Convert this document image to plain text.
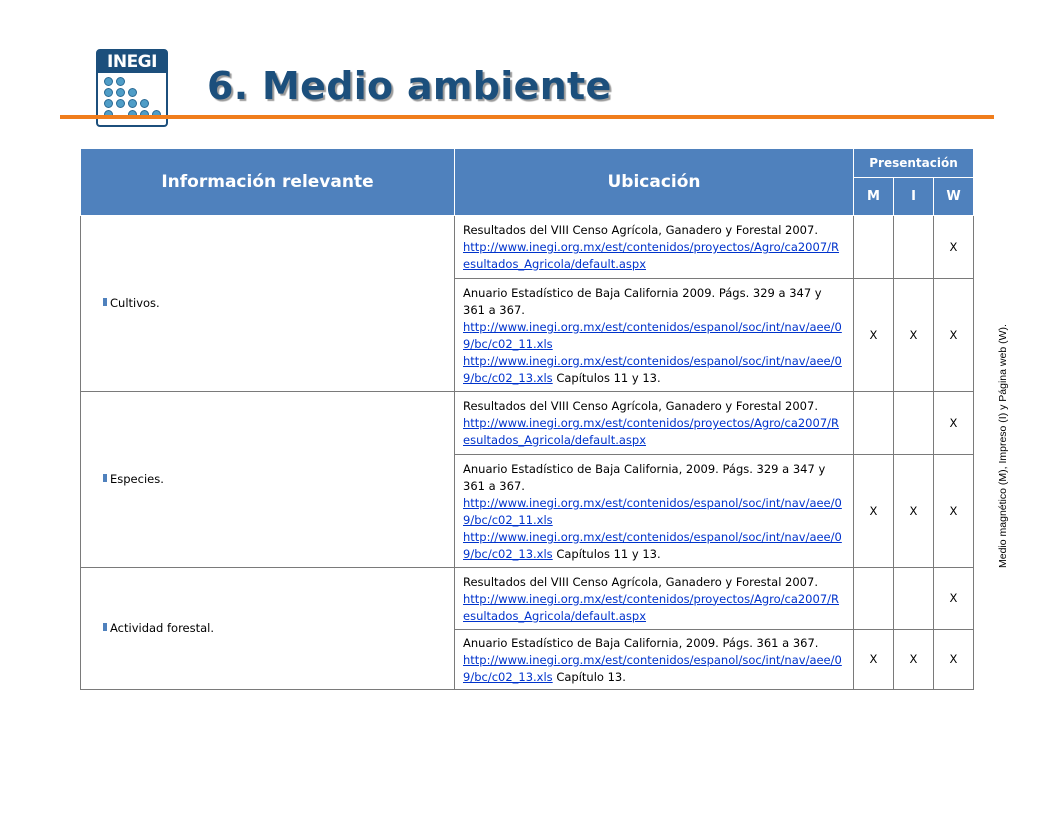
INEGI
6. Medio ambiente
Información relevante	Ubicación	Presentación		
		M	I	W
Cultivos.	Resultados del VIII Censo Agrícola, Ganadero y Forestal 2007.
http://www.inegi.org.mx/est/contenidos/proyectos/Agro/ca2007/Resultados_Agricola/default.aspx			X
	Anuario Estadístico de Baja California 2009. Págs. 329 a 347 y 361 a 367.
http://www.inegi.org.mx/est/contenidos/espanol/soc/int/nav/aee/09/bc/c02_11.xls
http://www.inegi.org.mx/est/contenidos/espanol/soc/int/nav/aee/09/bc/c02_13.xls Capítulos 11 y 13.	X	X	X
Especies.	Resultados del VIII Censo Agrícola, Ganadero y Forestal 2007.
http://www.inegi.org.mx/est/contenidos/proyectos/Agro/ca2007/Resultados_Agricola/default.aspx			X
	Anuario Estadístico de Baja California, 2009. Págs. 329 a 347 y 361 a 367.
http://www.inegi.org.mx/est/contenidos/espanol/soc/int/nav/aee/09/bc/c02_11.xls
http://www.inegi.org.mx/est/contenidos/espanol/soc/int/nav/aee/09/bc/c02_13.xls Capítulos 11 y 13.	X	X	X
Actividad forestal.	Resultados del VIII Censo Agrícola, Ganadero y Forestal 2007.
http://www.inegi.org.mx/est/contenidos/proyectos/Agro/ca2007/Resultados_Agricola/default.aspx			X
	Anuario Estadístico de Baja California, 2009. Págs. 361 a 367.
http://www.inegi.org.mx/est/contenidos/espanol/soc/int/nav/aee/09/bc/c02_13.xls Capítulo 13.	X	X	X
Medio magnético (M), Impreso (I) y Página web (W).
